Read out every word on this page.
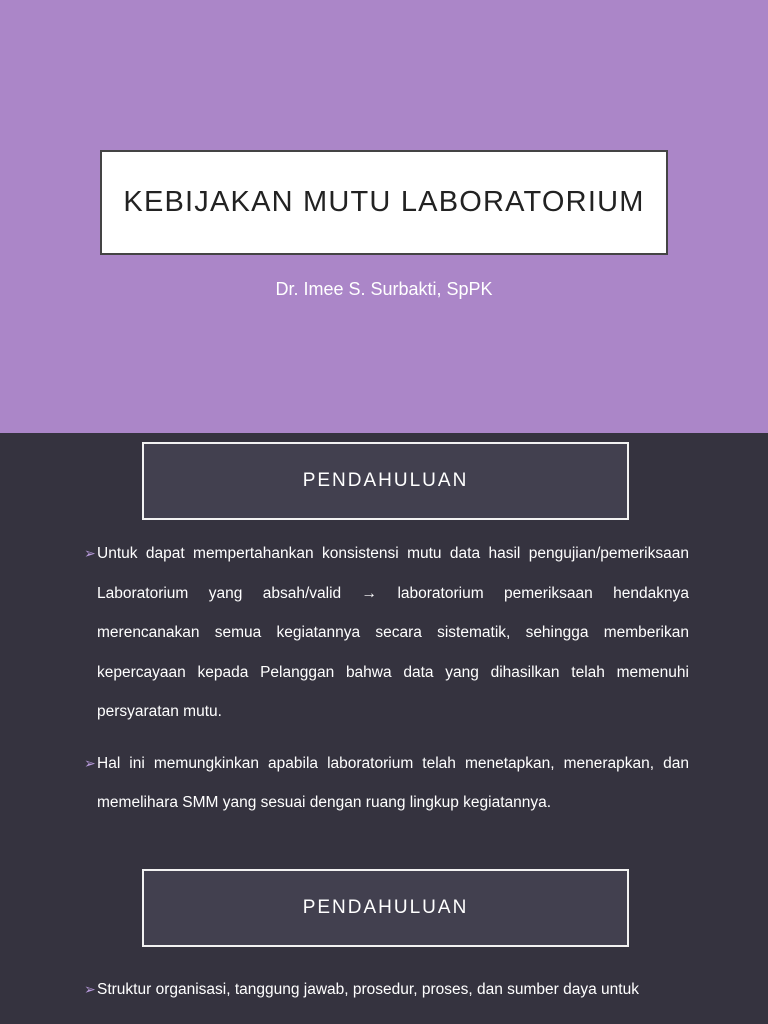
KEBIJAKAN MUTU LABORATORIUM
Dr. Imee S. Surbakti, SpPK
PENDAHULUAN
➢ Untuk dapat mempertahankan konsistensi mutu data hasil pengujian/pemeriksaan Laboratorium yang absah/valid → laboratorium pemeriksaan hendaknya merencanakan semua kegiatannya secara sistematik, sehingga memberikan kepercayaan kepada Pelanggan bahwa data yang dihasilkan telah memenuhi persyaratan mutu.
➢ Hal ini memungkinkan apabila laboratorium telah menetapkan, menerapkan, dan memelihara SMM yang sesuai dengan ruang lingkup kegiatannya.
PENDAHULUAN
➢ Struktur organisasi, tanggung jawab, prosedur, proses, dan sumber daya untuk
